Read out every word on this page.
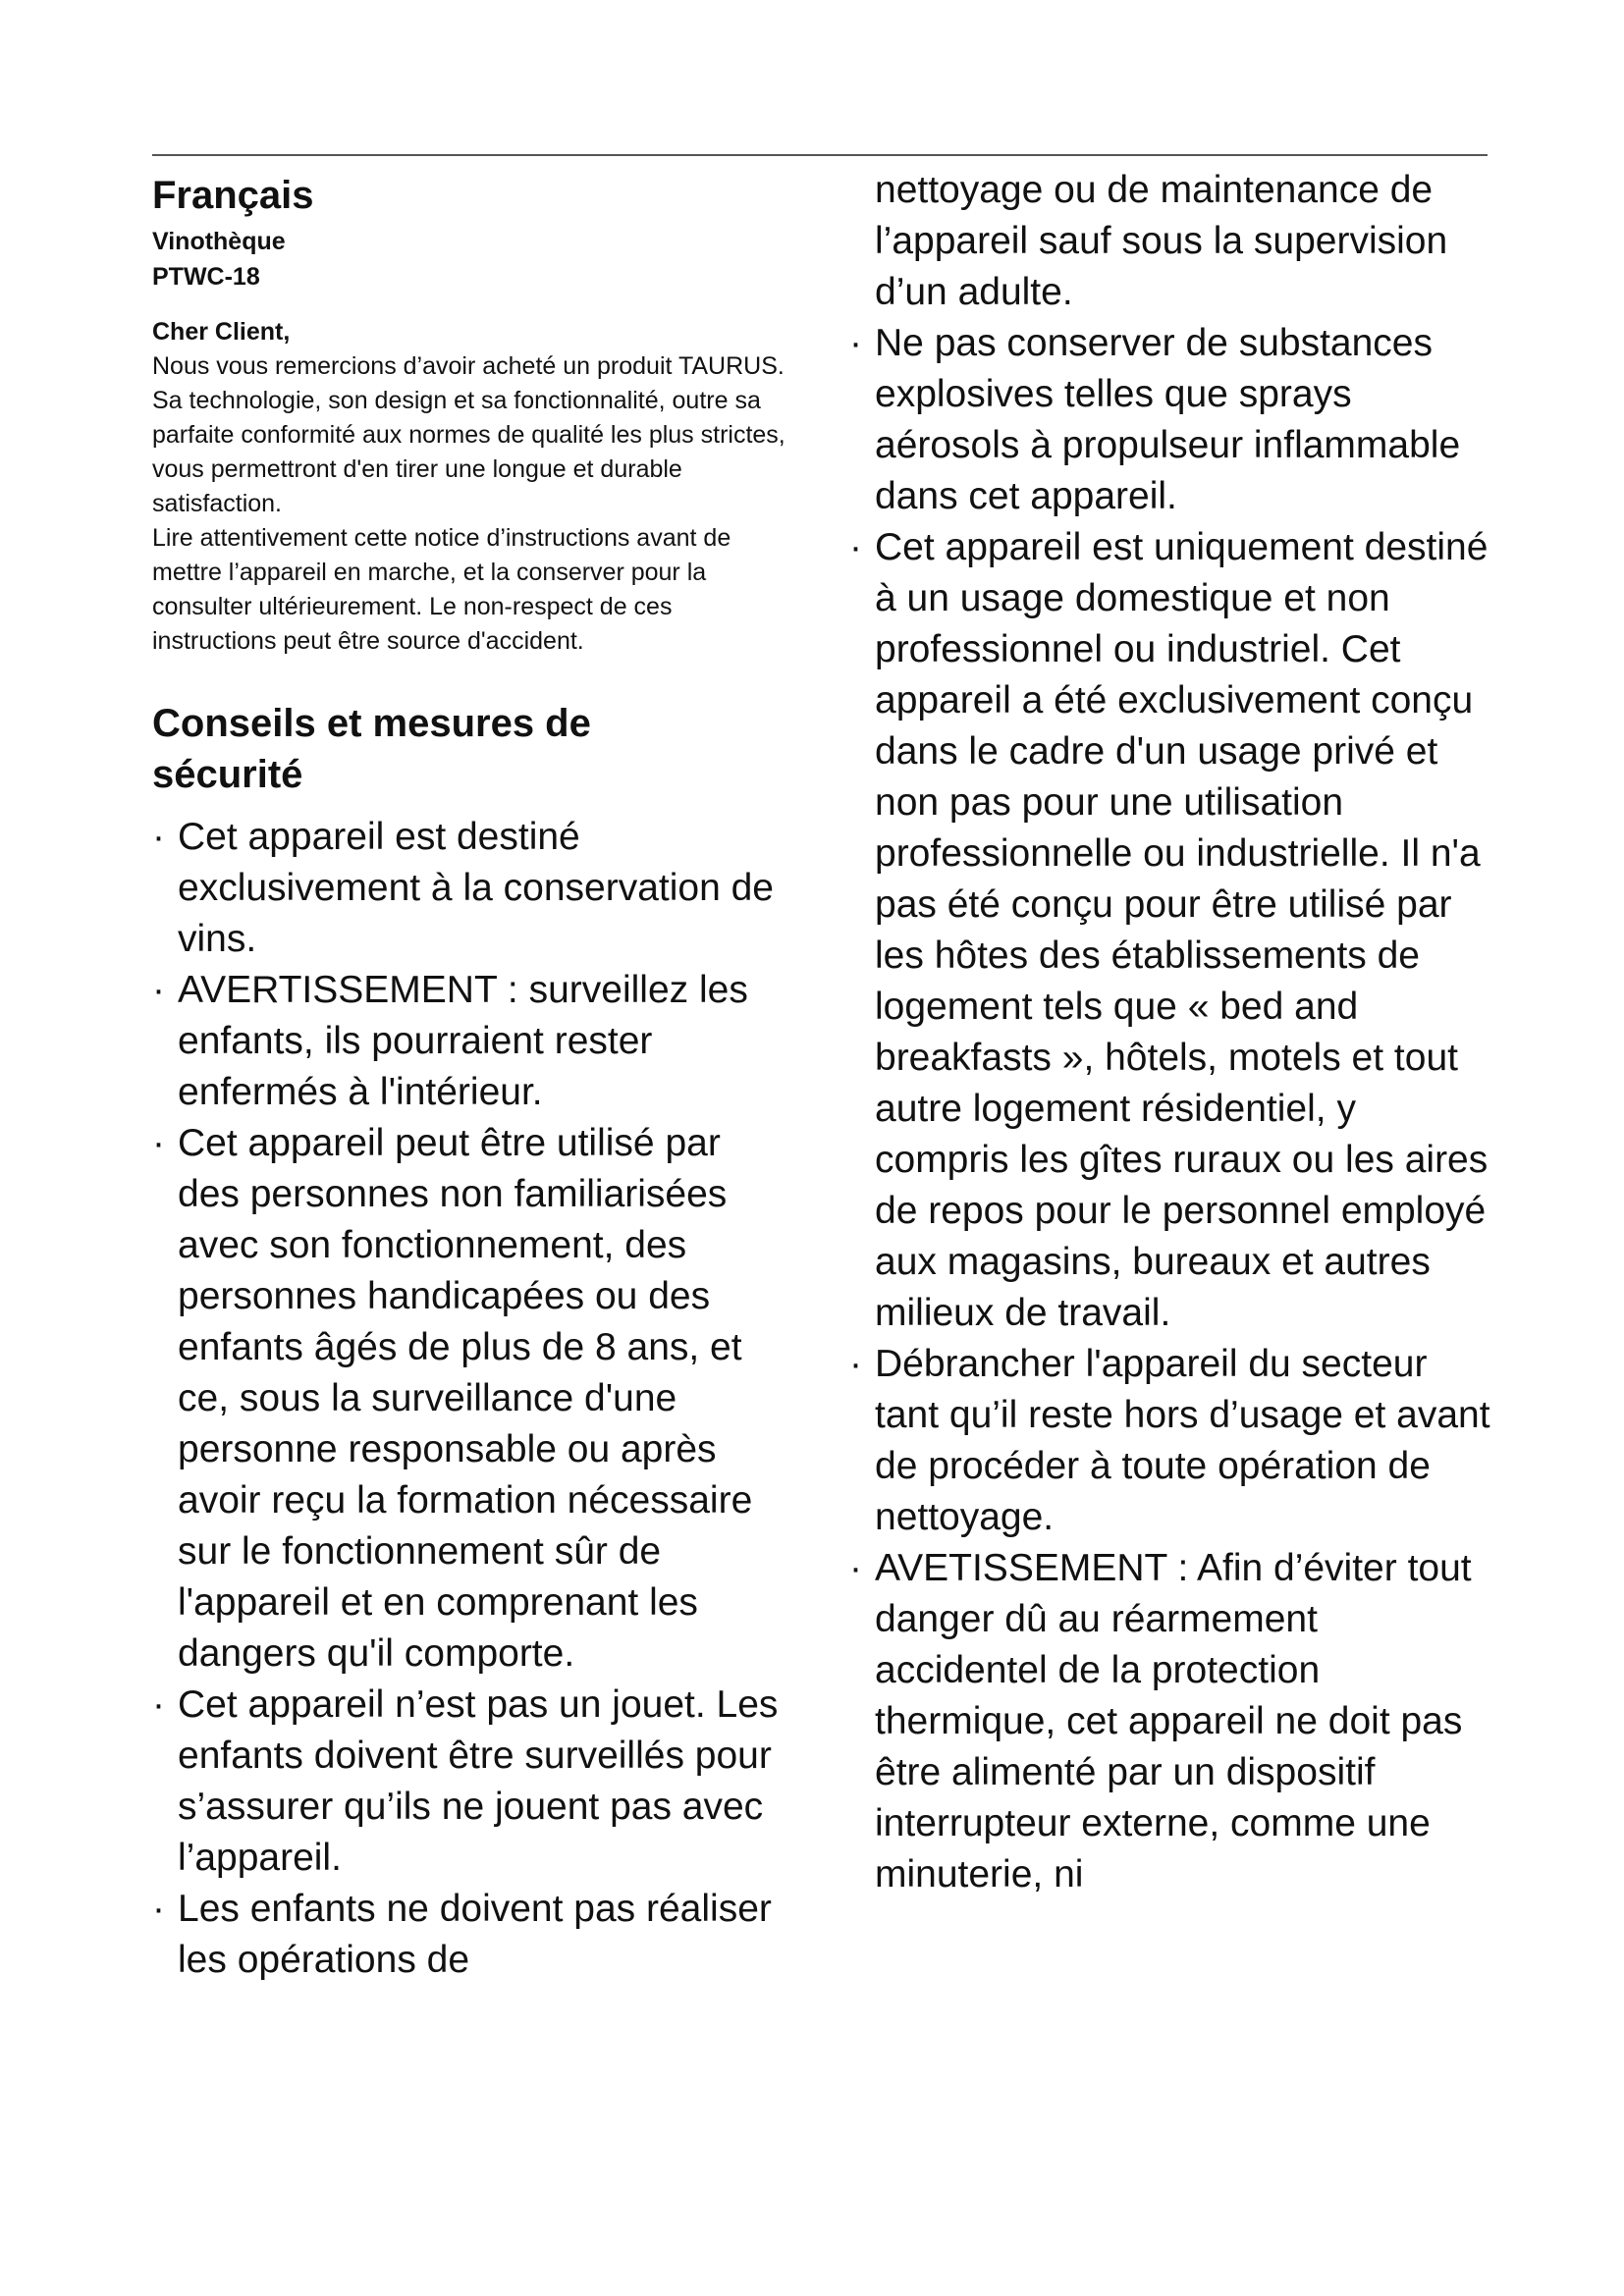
Français
Vinothèque
PTWC-18
Cher Client,

Nous vous remercions d’avoir acheté un produit TAURUS.

Sa technologie, son design et sa fonctionnalité, outre sa parfaite conformité aux normes de qualité les plus strictes, vous permettront d'en tirer une longue et durable satisfaction.

Lire attentivement cette notice d’instructions avant de mettre l’appareil en marche, et la conserver pour la consulter ultérieurement. Le non-respect de ces instructions peut être source d'accident.

Conseils et mesures de sécurité
· Cet appareil est destiné exclusivement à la conservation de vins.
· AVERTISSEMENT : surveillez les enfants, ils pourraient rester enfermés à l'intérieur.
· Cet appareil peut être utilisé par des personnes non familiarisées avec son fonctionnement, des personnes handicapées ou des enfants âgés de plus de 8 ans, et ce, sous la surveillance d'une personne responsable ou après avoir reçu la formation nécessaire sur le fonctionnement sûr de l'appareil et en comprenant les dangers qu'il comporte.
· Cet appareil n’est pas un jouet. Les enfants doivent être surveillés pour s’assurer qu’ils ne jouent pas avec l’appareil.
· Les enfants ne doivent pas réaliser les opérations de

nettoyage ou de maintenance de l’appareil sauf sous la supervision d’un adulte.

· Ne pas conserver de substances explosives telles que sprays aérosols à propulseur inflammable dans cet appareil.
· Cet appareil est uniquement destiné à un usage domestique et non professionnel ou industriel. Cet appareil a été exclusivement conçu dans le cadre d'un usage privé et non pas pour une utilisation professionnelle ou industrielle. Il n'a pas été conçu pour être utilisé par les hôtes des établissements de logement tels que « bed and breakfasts », hôtels, motels et tout autre logement résidentiel, y compris les gîtes ruraux ou les aires de repos pour le personnel employé aux magasins, bureaux et autres milieux de travail.
· Débrancher l'appareil du secteur tant qu’il reste hors d’usage et avant de procéder à toute opération de nettoyage.
· AVETISSEMENT : Afin d’éviter tout danger dû au réarmement accidentel de la protection thermique, cet appareil ne doit pas être alimenté par un dispositif interrupteur externe, comme une minuterie, ni
